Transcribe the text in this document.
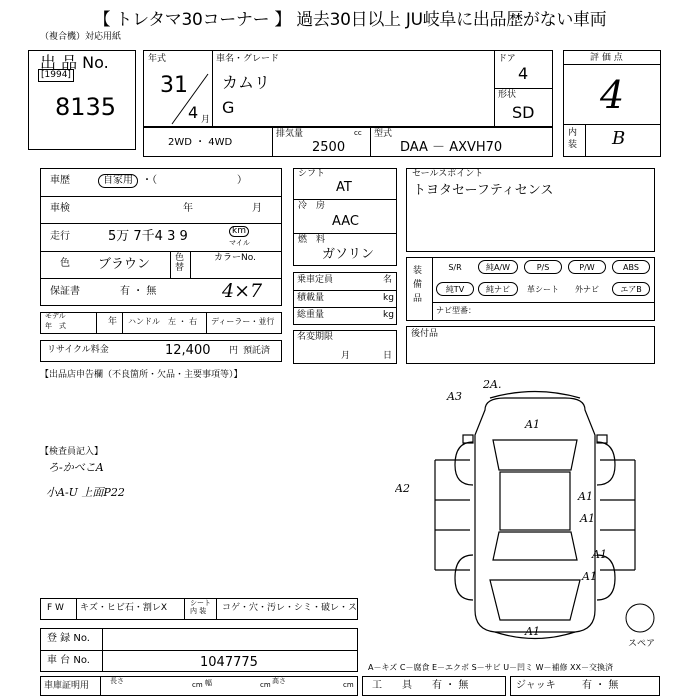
【 トレタマ30コーナー 】 過去30日以上 JU岐阜に出品歴がない車両
（複合機）対応用紙
出 品 No.
[1994]
8135
年式
31
4 月
車名・グレード
カムリ
G
ドア
4
形状
SD
2WD ・ 4WD
排気量	cc
2500
型式
DAA － AXVH70
評 価 点
4
内
装 B
車歴	自家用 ・（　　　　　　　　）
車検	年	月
走行	5万 7千4 3 9	km
マイル
色 ブラウン	色替
カラーNo.
保証書	有 ・ 無	4×7
モデル
年　式	年 ハンドル　左 ・ 右 ディーラー・並行
リサイクル料金	12,400 円 預託済
シフト
AT
冷　房
AAC
燃　料
ガソリン
乗車定員	名
積載量	kg
総重量	kg
名変期限
月	日
セールスポイント
トヨタセーフティセンス
装
備
品
S/R	純A/W	P/S	P/W	ABS
純TV	純ナビ	革シート	外ナビ	エアB
ナビ型番：
後付品
【出品店申告欄（不良箇所・欠品・主要事項等）】
【検査員記入】
ろ-かべこA
小A-U 上面P22
A3
2A.
A1
A2
A1
A1
A1
A1
A1
スペア
F W キズ・ヒビ石・割レX	シート
内 装	コゲ・穴・汚レ・シミ・破レ・ス
登 録 No.
車 台 No.	1047775
車庫証明用	長さ	cm 幅	cm 高さ	cm
A－キズ C－腐食 E－エクボ S－サビ U－凹ミ W－補修 XX－交換済
工　　具 有 ・ 無	ジャッキ	有 ・ 無
